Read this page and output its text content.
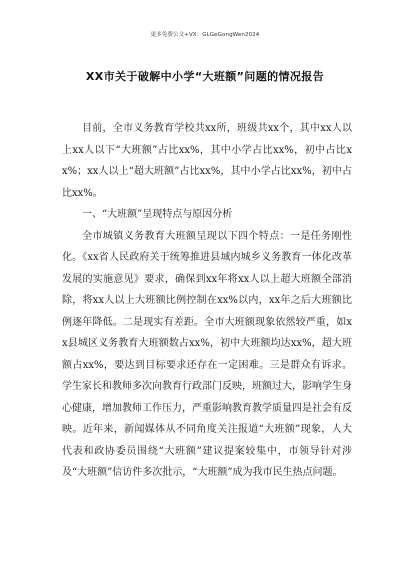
更多免费公文+VX：GLGeGongWen2024
XX市关于破解中小学“大班额”问题的情况报告

目前，全市义务教育学校共xx所，班级共xx个，其中xx人以上xx人以下“大班额”占比xx%，其中小学占比xx%，初中占比xx%；xx人以上“超大班额”占比xx%，其中小学占比xx%，初中占比xx%。

一、“大班额”呈现特点与原因分析

全市城镇义务教育大班额呈现以下四个特点：一是任务刚性化。《xx省人民政府关于统筹推进县域内城乡义务教育一体化改革发展的实施意见》要求，确保到xx年将xx人以上超大班额全部消除，将xx人以上大班额比例控制在xx%以内，xx年之后大班额比例逐年降低。二是现实有差距。全市大班额现象依然较严重，如xx县城区义务教育大班额数占xx%，初中大班额均达xx%，超大班额占xx%，要达到目标要求还存在一定困难。三是群众有诉求。学生家长和教师多次向教育行政部门反映，班额过大，影响学生身心健康，增加教师工作压力，严重影响教育教学质量四是社会有反映。近年来，新闻媒体从不同角度关注报道“大班额”现象，人大代表和政协委员围绕“大班额”建议提案较集中，市领导针对涉及“大班额”信访件多次批示，“大班额”成为我市民生热点问题。
